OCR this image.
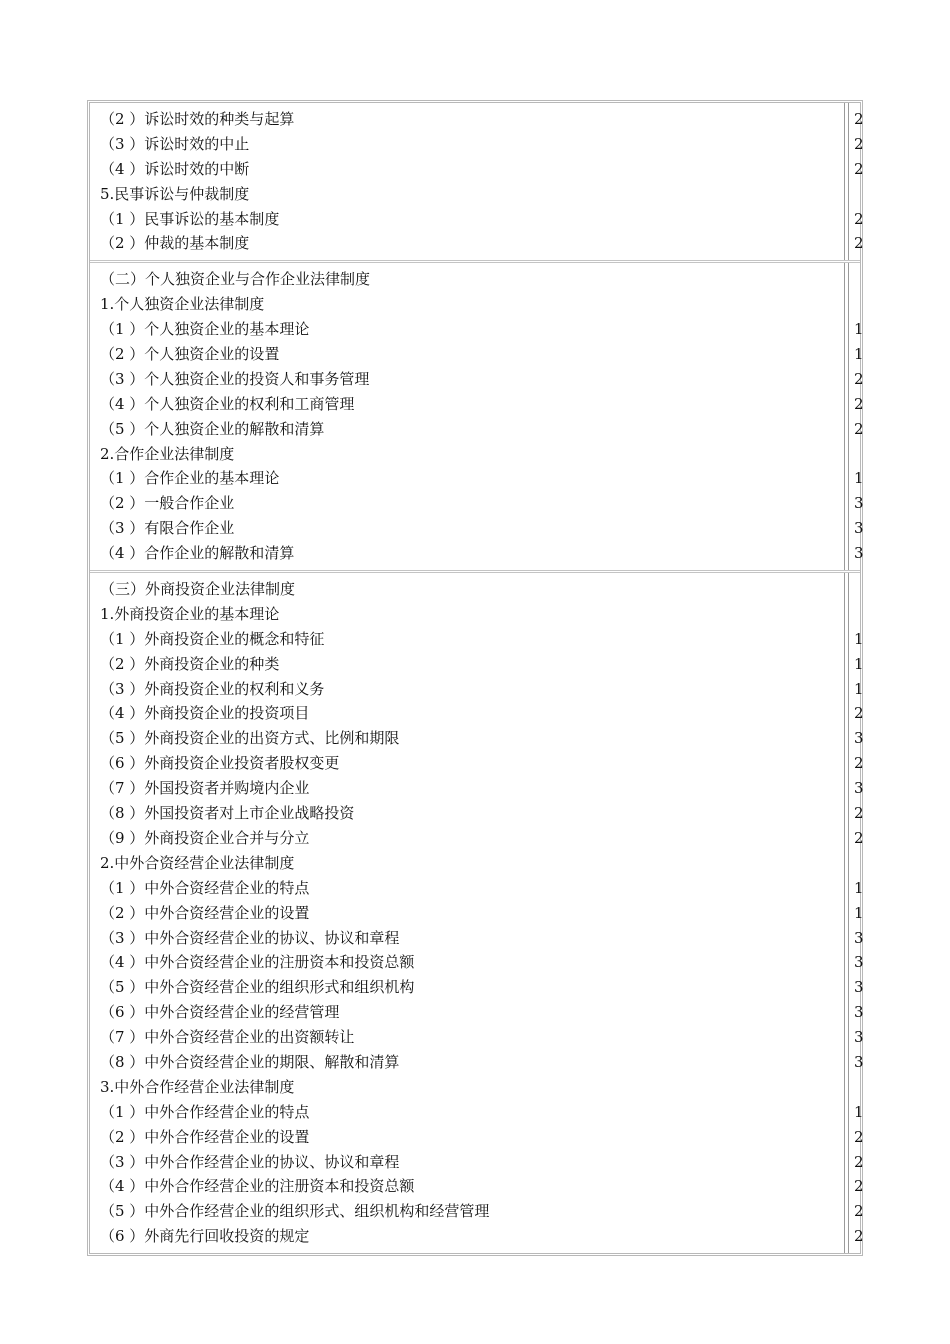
（2 ）诉讼时效的种类与起算	2
（3 ）诉讼时效的中止	2
（4 ）诉讼时效的中断	2
5.民事诉讼与仲裁制度
（1 ）民事诉讼的基本制度	2
（2 ）仲裁的基本制度	2
（二）个人独资企业与合作企业法律制度
1.个人独资企业法律制度
（1 ）个人独资企业的基本理论	1
（2 ）个人独资企业的设置	1
（3 ）个人独资企业的投资人和事务管理	2
（4 ）个人独资企业的权利和工商管理	2
（5 ）个人独资企业的解散和清算	2
2.合作企业法律制度
（1 ）合作企业的基本理论	1
（2 ）一般合作企业	3
（3 ）有限合作企业	3
（4 ）合作企业的解散和清算	3
（三）外商投资企业法律制度
1.外商投资企业的基本理论
（1 ）外商投资企业的概念和特征	1
（2 ）外商投资企业的种类	1
（3 ）外商投资企业的权利和义务	1
（4 ）外商投资企业的投资项目	2
（5 ）外商投资企业的出资方式、比例和期限	3
（6 ）外商投资企业投资者股权变更	2
（7 ）外国投资者并购境内企业	3
（8 ）外国投资者对上市企业战略投资	2
（9 ）外商投资企业合并与分立	2
2.中外合资经营企业法律制度
（1 ）中外合资经营企业的特点	1
（2 ）中外合资经营企业的设置	1
（3 ）中外合资经营企业的协议、协议和章程	3
（4 ）中外合资经营企业的注册资本和投资总额	3
（5 ）中外合资经营企业的组织形式和组织机构	3
（6 ）中外合资经营企业的经营管理	3
（7 ）中外合资经营企业的出资额转让	3
（8 ）中外合资经营企业的期限、解散和清算	3
3.中外合作经营企业法律制度
（1 ）中外合作经营企业的特点	1
（2 ）中外合作经营企业的设置	2
（3 ）中外合作经营企业的协议、协议和章程	2
（4 ）中外合作经营企业的注册资本和投资总额	2
（5 ）中外合作经营企业的组织形式、组织机构和经营管理	2
（6 ）外商先行回收投资的规定	2
